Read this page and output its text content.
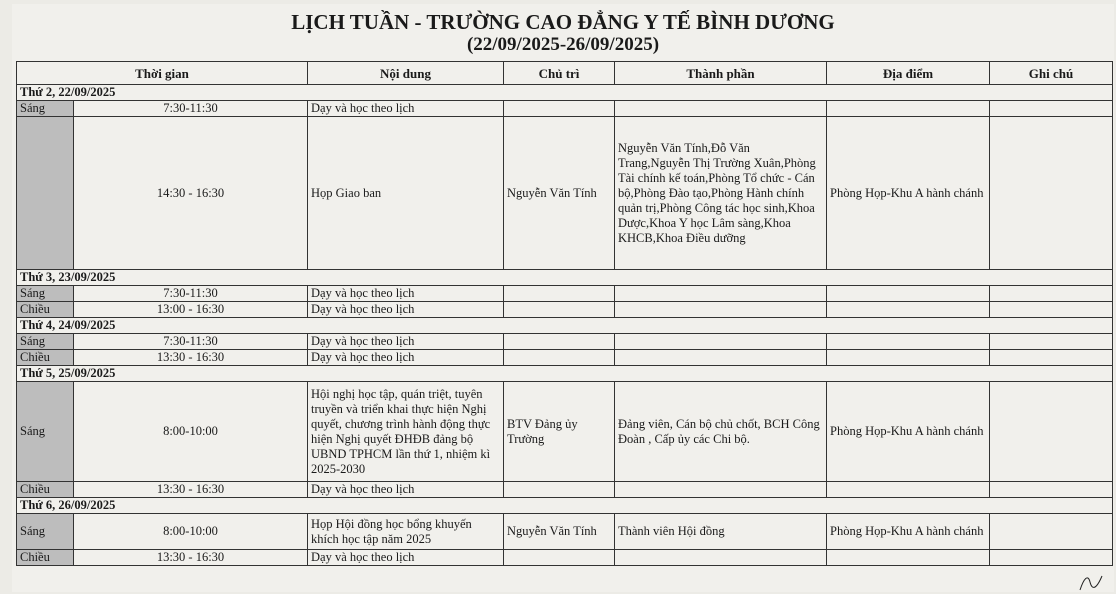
LỊCH TUẦN - TRƯỜNG CAO ĐẲNG Y TẾ BÌNH DƯƠNG
(22/09/2025-26/09/2025)
Thời gian		Nội dung	Chủ trì	Thành phần	Địa điểm	Ghi chú
Thứ 2, 22/09/2025						
Sáng	7:30-11:30	Dạy và học theo lịch				
	14:30 - 16:30	Họp Giao ban	Nguyễn Văn Tính	Nguyễn Văn Tính,Đỗ Văn Trang,Nguyễn Thị Trường Xuân,Phòng Tài chính kế toán,Phòng Tổ chức - Cán bộ,Phòng Đào tạo,Phòng Hành chính quản trị,Phòng Công tác học sinh,Khoa Dược,Khoa Y học Lâm sàng,Khoa KHCB,Khoa Điều dưỡng	Phòng Họp-Khu A hành chánh	
Thứ 3, 23/09/2025						
Sáng	7:30-11:30	Dạy và học theo lịch				
Chiều	13:00 - 16:30	Dạy và học theo lịch				
Thứ 4, 24/09/2025						
Sáng	7:30-11:30	Dạy và học theo lịch				
Chiều	13:30 - 16:30	Dạy và học theo lịch				
Thứ 5, 25/09/2025						
Sáng	8:00-10:00	Hội nghị học tập, quán triệt, tuyên truyền và triển khai thực hiện Nghị quyết, chương trình hành động thực hiện Nghị quyết ĐHĐB đảng bộ UBND TPHCM lần thứ 1, nhiệm kì 2025-2030	BTV Đảng ủy Trường	Đảng viên, Cán bộ chủ chốt, BCH Công Đoàn , Cấp ủy các Chi bộ.	Phòng Họp-Khu A hành chánh	
Chiều	13:30 - 16:30	Dạy và học theo lịch				
Thứ 6, 26/09/2025						
Sáng	8:00-10:00	Họp Hội đồng học bổng khuyến khích học tập năm 2025	Nguyễn Văn Tính	Thành viên Hội đồng	Phòng Họp-Khu A hành chánh	
Chiều	13:30 - 16:30	Dạy và học theo lịch				
